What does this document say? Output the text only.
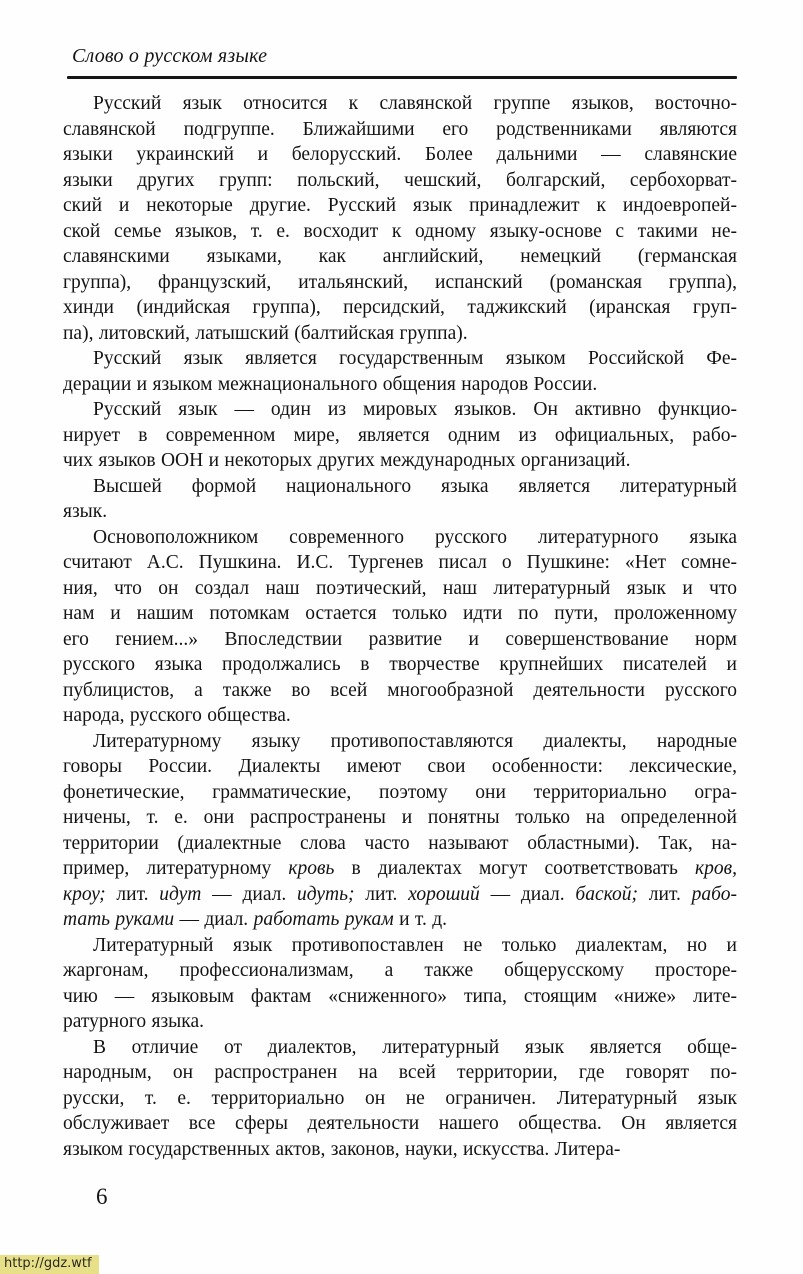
Слово о русском языке
Русский язык относится к славянской группе языков, восточно-
славянской подгруппе. Ближайшими его родственниками являются
языки украинский и белорусский. Более дальними — славянские
языки других групп: польский, чешский, болгарский, сербохорват-
ский и некоторые другие. Русский язык принадлежит к индоевропей-
ской семье языков, т. е. восходит к одному языку-основе с такими не-
славянскими языками, как английский, немецкий (германская
группа), французский, итальянский, испанский (романская группа),
хинди (индийская группа), персидский, таджикский (иранская груп-
па), литовский, латышский (балтийская группа).
Русский язык является государственным языком Российской Фе-
дерации и языком межнационального общения народов России.
Русский язык — один из мировых языков. Он активно функцио-
нирует в современном мире, является одним из официальных, рабо-
чих языков ООН и некоторых других международных организаций.
Высшей формой национального языка является литературный
язык.
Основоположником современного русского литературного языка
считают А.С. Пушкина. И.С. Тургенев писал о Пушкине: «Нет сомне-
ния, что он создал наш поэтический, наш литературный язык и что
нам и нашим потомкам остается только идти по пути, проложенному
его гением...» Впоследствии развитие и совершенствование норм
русского языка продолжались в творчестве крупнейших писателей и
публицистов, а также во всей многообразной деятельности русского
народа, русского общества.
Литературному языку противопоставляются диалекты, народные
говоры России. Диалекты имеют свои особенности: лексические,
фонетические, грамматические, поэтому они территориально огра-
ничены, т. е. они распространены и понятны только на определенной
территории (диалектные слова часто называют областными). Так, на-
пример, литературному кровь в диалектах могут соответствовать кров,
кроу; лит. идут — диал. идуть; лит. хороший — диал. баской; лит. рабо-
тать руками — диал. работать рукам и т. д.
Литературный язык противопоставлен не только диалектам, но и
жаргонам, профессионализмам, а также общерусскому просторе-
чию — языковым фактам «сниженного» типа, стоящим «ниже» лите-
ратурного языка.
В отличие от диалектов, литературный язык является обще-
народным, он распространен на всей территории, где говорят по-
русски, т. е. территориально он не ограничен. Литературный язык
обслуживает все сферы деятельности нашего общества. Он является
языком государственных актов, законов, науки, искусства. Литера-
6
http://gdz.wtf
